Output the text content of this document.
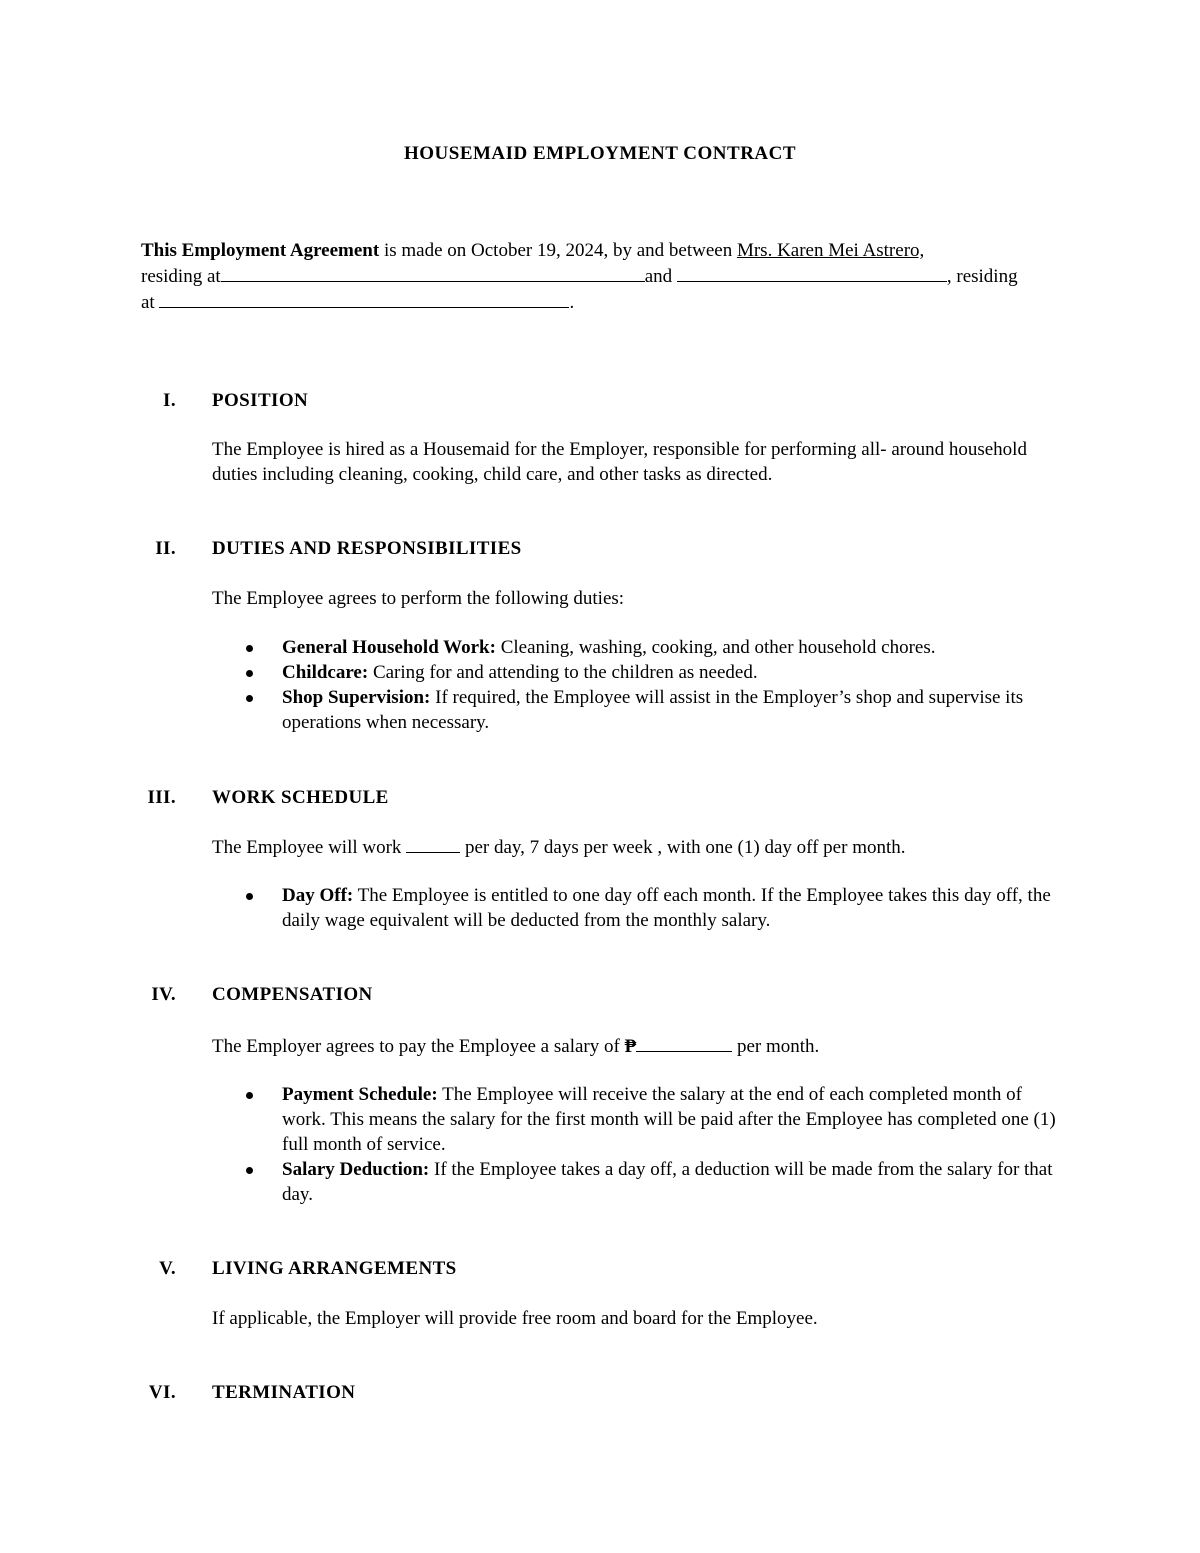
HOUSEMAID EMPLOYMENT CONTRACT

This Employment Agreement is made on October 19, 2024, by and between Mrs. Karen Mei Astrero,

residing at	and	, residing

at	.

I. POSITION

The Employee is hired as a Housemaid for the Employer, responsible for performing all- around household duties including cleaning, cooking, child care, and other tasks as directed.

II. DUTIES AND RESPONSIBILITIES

The Employee agrees to perform the following duties:

General Household Work: Cleaning, washing, cooking, and other household chores.
Childcare: Caring for and attending to the children as needed.
Shop Supervision: If required, the Employee will assist in the Employer’s shop and supervise its operations when necessary.
III. WORK SCHEDULE

The Employee will work	per day, 7 days per week , with one (1) day off per month.

Day Off: The Employee is entitled to one day off each month. If the Employee takes this day off, the daily wage equivalent will be deducted from the monthly salary.
IV. COMPENSATION

The Employer agrees to pay the Employee a salary of ₱	per month.

Payment Schedule: The Employee will receive the salary at the end of each completed month of work. This means the salary for the first month will be paid after the Employee has completed one (1) full month of service.
Salary Deduction: If the Employee takes a day off, a deduction will be made from the salary for that day.
V. LIVING ARRANGEMENTS

If applicable, the Employer will provide free room and board for the Employee.

VI. TERMINATION
